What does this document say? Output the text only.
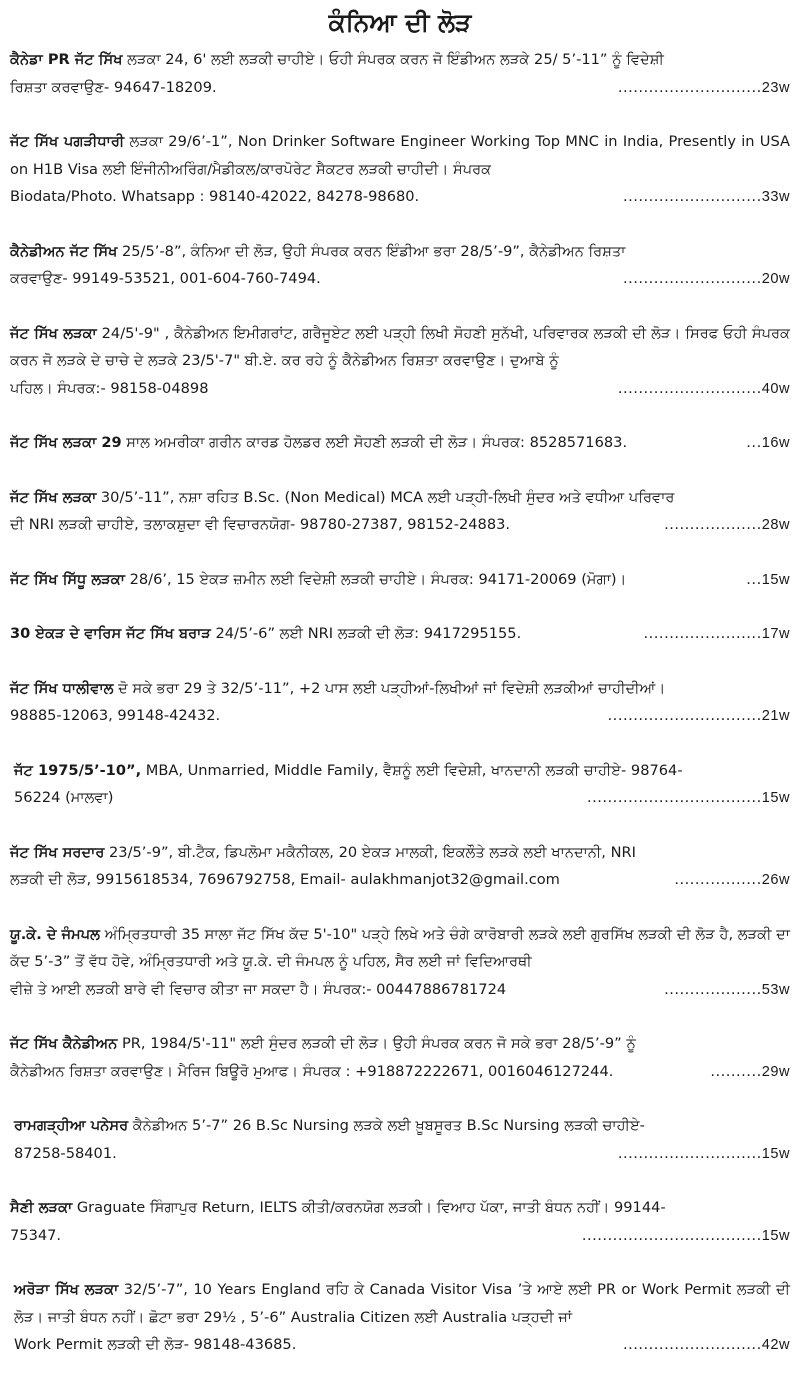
ਕੰਨਿਆ ਦੀ ਲੋੜ
ਕੈਨੇਡਾ PR ਜੱਟ ਸਿੱਖ ਲੜਕਾ 24, 6' ਲਈ ਲੜਕੀ ਚਾਹੀਏ। ਓਹੀ ਸੰਪਰਕ ਕਰਨ ਜੋ ਇੰਡੀਅਨ ਲੜਕੇ 25/ 5’-11” ਨੂੰ ਵਿਦੇਸ਼ੀ
ਰਿਸ਼ਤਾ ਕਰਵਾਉਣ- 94647-18209.	............................23w
ਜੱਟ ਸਿੱਖ ਪਗੜੀਧਾਰੀ ਲੜਕਾ 29/6’-1”, Non Drinker Software Engineer Working Top MNC in India, Presently in USA on H1B Visa ਲਈ ਇੰਜੀਨੀਅਰਿੰਗ/ਮੈਡੀਕਲ/ਕਾਰਪੋਰੇਟ ਸੈਕਟਰ ਲੜਕੀ ਚਾਹੀਦੀ। ਸੰਪਰਕ
Biodata/Photo. Whatsapp : 98140-42022, 84278-98680.	...........................33w
ਕੈਨੇਡੀਅਨ ਜੱਟ ਸਿੱਖ 25/5’-8”, ਕੰਨਿਆ ਦੀ ਲੋੜ, ਉਹੀ ਸੰਪਰਕ ਕਰਨ ਇੰਡੀਆ ਭਰਾ 28/5’-9”, ਕੈਨੇਡੀਅਨ ਰਿਸ਼ਤਾ
ਕਰਵਾਉਣ- 99149-53521, 001-604-760-7494.	...........................20w
ਜੱਟ ਸਿੱਖ ਲੜਕਾ 24/5'-9" , ਕੈਨੇਡੀਅਨ ਇਮੀਗਰਾਂਟ, ਗਰੈਜੂਏਟ ਲਈ ਪੜ੍ਹੀ ਲਿਖੀ ਸੋਹਣੀ ਸੁਨੱਖੀ, ਪਰਿਵਾਰਕ ਲੜਕੀ ਦੀ ਲੋੜ। ਸਿਰਫ ਓਹੀ ਸੰਪਰਕ ਕਰਨ ਜੋ ਲੜਕੇ ਦੇ ਚਾਚੇ ਦੇ ਲੜਕੇ 23/5'-7" ਬੀ.ਏ. ਕਰ ਰਹੇ ਨੂੰ ਕੈਨੇਡੀਅਨ ਰਿਸ਼ਤਾ ਕਰਵਾਉਣ। ਦੁਆਬੇ ਨੂੰ
ਪਹਿਲ। ਸੰਪਰਕ:- 98158-04898	............................40w
ਜੱਟ ਸਿੱਖ ਲੜਕਾ 29 ਸਾਲ ਅਮਰੀਕਾ ਗਰੀਨ ਕਾਰਡ ਹੋਲਡਰ ਲਈ ਸੋਹਣੀ ਲੜਕੀ ਦੀ ਲੋੜ। ਸੰਪਰਕ: 8528571683.	...16w
ਜੱਟ ਸਿੱਖ ਲੜਕਾ 30/5’-11”, ਨਸ਼ਾ ਰਹਿਤ B.Sc. (Non Medical) MCA ਲਈ ਪੜ੍ਹੀ-ਲਿਖੀ ਸੁੰਦਰ ਅਤੇ ਵਧੀਆ ਪਰਿਵਾਰ
ਦੀ NRI ਲੜਕੀ ਚਾਹੀਏ, ਤਲਾਕਸ਼ੁਦਾ ਵੀ ਵਿਚਾਰਨਯੋਗ- 98780-27387, 98152-24883.	...................28w
ਜੱਟ ਸਿੱਖ ਸਿੱਧੂ ਲੜਕਾ 28/6’, 15 ਏਕੜ ਜ਼ਮੀਨ ਲਈ ਵਿਦੇਸ਼ੀ ਲੜਕੀ ਚਾਹੀਏ। ਸੰਪਰਕ: 94171-20069 (ਮੋਗਾ)।	...15w
30 ਏਕੜ ਦੇ ਵਾਰਿਸ ਜੱਟ ਸਿੱਖ ਬਰਾੜ 24/5’-6” ਲਈ NRI ਲੜਕੀ ਦੀ ਲੋੜ: 9417295155.	.......................17w
ਜੱਟ ਸਿੱਖ ਧਾਲੀਵਾਲ ਦੋ ਸਕੇ ਭਰਾ 29 ਤੇ 32/5’-11”, +2 ਪਾਸ ਲਈ ਪੜ੍ਹੀਆਂ-ਲਿਖੀਆਂ ਜਾਂ ਵਿਦੇਸ਼ੀ ਲੜਕੀਆਂ ਚਾਹੀਦੀਆਂ।
98885-12063, 99148-42432.	..............................21w
ਜੱਟ 1975/5’-10”, MBA, Unmarried, Middle Family, ਵੈਸ਼ਨੂੰ ਲਈ ਵਿਦੇਸ਼ੀ, ਖਾਨਦਾਨੀ ਲੜਕੀ ਚਾਹੀਏ- 98764-
56224 (ਮਾਲਵਾ)	..................................15w
ਜੱਟ ਸਿੱਖ ਸਰਦਾਰ 23/5’-9”, ਬੀ.ਟੈਕ, ਡਿਪਲੋਮਾ ਮਕੈਨੀਕਲ, 20 ਏਕੜ ਮਾਲਕੀ, ਇਕਲੌਤੇ ਲੜਕੇ ਲਈ ਖਾਨਦਾਨੀ, NRI
ਲੜਕੀ ਦੀ ਲੋੜ, 9915618534, 7696792758, Email- aulakhmanjot32@gmail.com	.................26w
ਯੂ.ਕੇ. ਦੇ ਜੰਮਪਲ ਅੰਮ੍ਰਿਤਧਾਰੀ 35 ਸਾਲਾ ਜੱਟ ਸਿੱਖ ਕੱਦ 5'-10" ਪੜ੍ਹੇ ਲਿਖੇ ਅਤੇ ਚੰਗੇ ਕਾਰੋਬਾਰੀ ਲੜਕੇ ਲਈ ਗੁਰਸਿੱਖ ਲੜਕੀ ਦੀ ਲੋੜ ਹੈ, ਲੜਕੀ ਦਾ ਕੱਦ 5’-3” ਤੋਂ ਵੱਧ ਹੋਵੇ, ਅੰਮ੍ਰਿਤਧਾਰੀ ਅਤੇ ਯੂ.ਕੇ. ਦੀ ਜੰਮਪਲ ਨੂੰ ਪਹਿਲ, ਸੈਰ ਲਈ ਜਾਂ ਵਿਦਿਆਰਥੀ
ਵੀਜ਼ੇ ਤੇ ਆਈ ਲੜਕੀ ਬਾਰੇ ਵੀ ਵਿਚਾਰ ਕੀਤਾ ਜਾ ਸਕਦਾ ਹੈ। ਸੰਪਰਕ:- 00447886781724	...................53w
ਜੱਟ ਸਿੱਖ ਕੈਨੇਡੀਅਨ PR, 1984/5'-11" ਲਈ ਸੁੰਦਰ ਲੜਕੀ ਦੀ ਲੋੜ। ਉਹੀ ਸੰਪਰਕ ਕਰਨ ਜੋ ਸਕੇ ਭਰਾ 28/5’-9” ਨੂੰ
ਕੈਨੇਡੀਅਨ ਰਿਸ਼ਤਾ ਕਰਵਾਉਣ। ਮੈਰਿਜ ਬਿਊਰੋ ਮੁਆਫ। ਸੰਪਰਕ : +918872222671, 0016046127244.	..........29w
ਰਾਮਗੜ੍ਹੀਆ ਪਨੇਸਰ ਕੈਨੇਡੀਅਨ 5’-7” 26 B.Sc Nursing ਲੜਕੇ ਲਈ ਖ਼ੂਬਸੂਰਤ B.Sc Nursing ਲੜਕੀ ਚਾਹੀਏ-
87258-58401.	............................15w
ਸੈਣੀ ਲੜਕਾ Graguate ਸਿੰਗਾਪੁਰ Return, IELTS ਕੀਤੀ/ਕਰਨਯੋਗ ਲੜਕੀ। ਵਿਆਹ ਪੱਕਾ, ਜਾਤੀ ਬੰਧਨ ਨਹੀਂ। 99144-
75347.	...................................15w
ਅਰੋੜਾ ਸਿੱਖ ਲੜਕਾ 32/5’-7”, 10 Years England ਰਹਿ ਕੇ Canada Visitor Visa ’ਤੇ ਆਏ ਲਈ PR or Work Permit ਲੜਕੀ ਦੀ ਲੋੜ। ਜਾਤੀ ਬੰਧਨ ਨਹੀਂ। ਛੋਟਾ ਭਰਾ 29½ , 5’-6” Australia Citizen ਲਈ Australia ਪੜ੍ਹਦੀ ਜਾਂ
Work Permit ਲੜਕੀ ਦੀ ਲੋੜ- 98148-43685.	...........................42w
